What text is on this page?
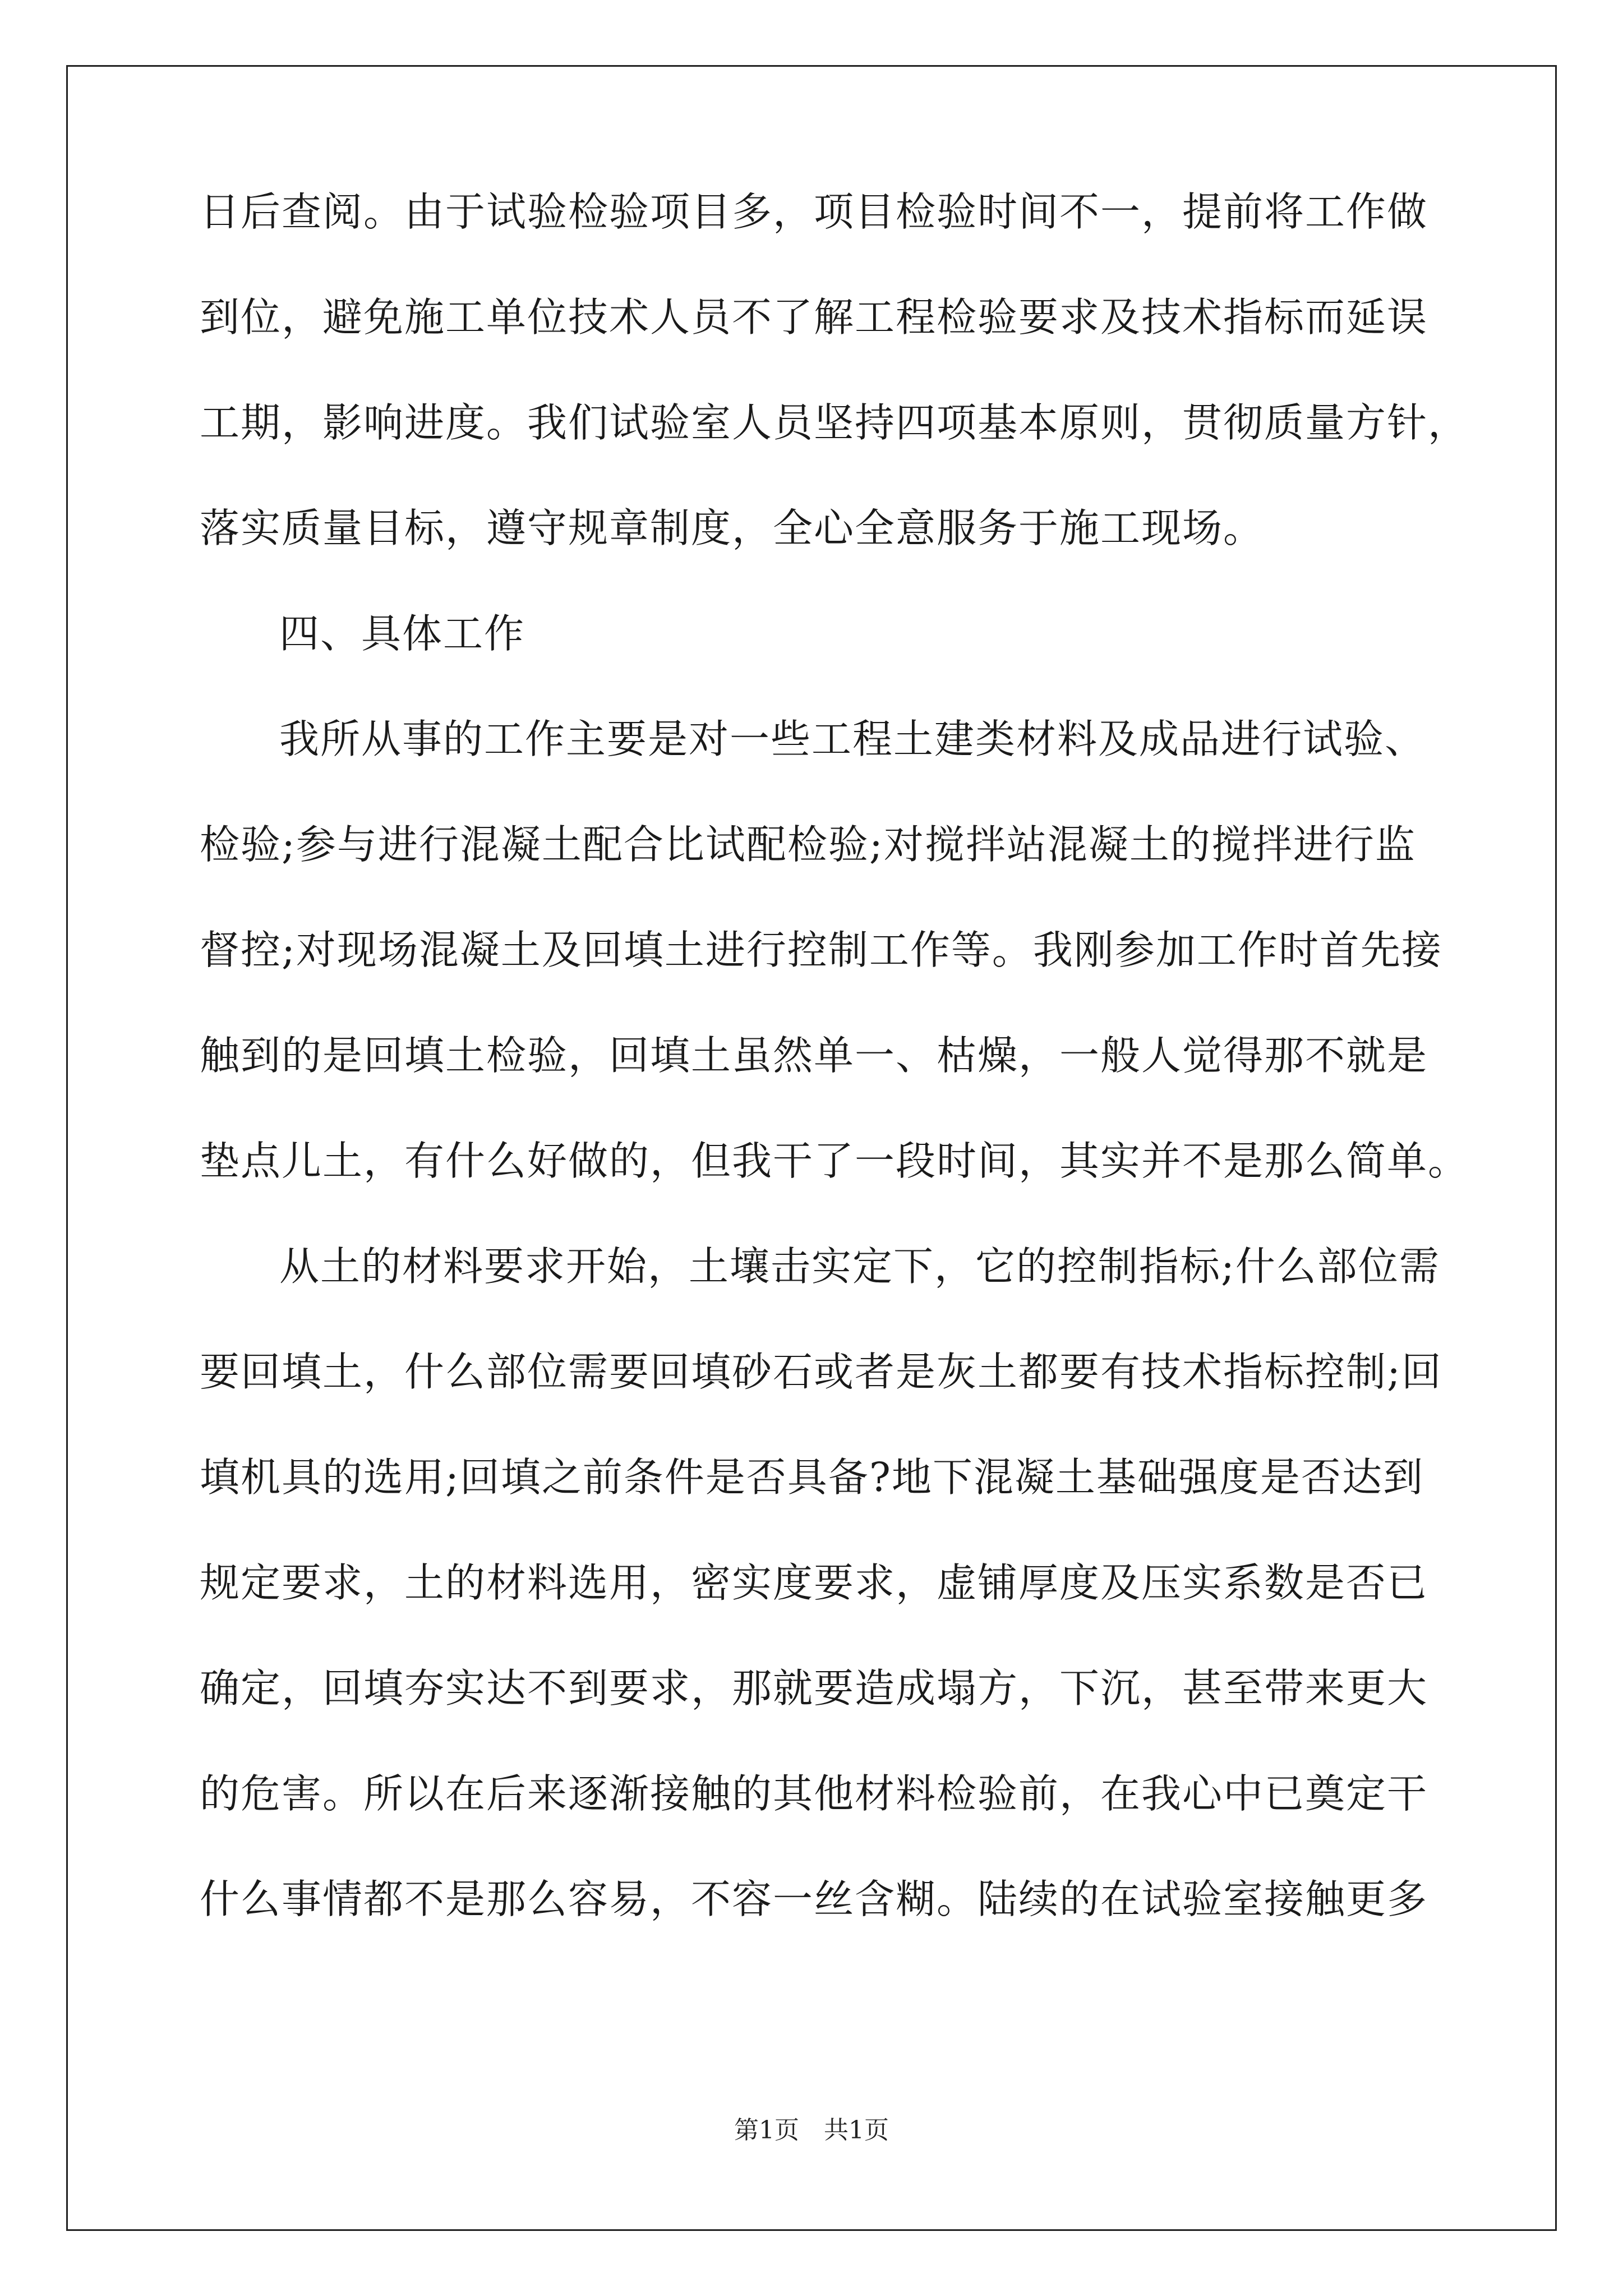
日后查阅。由于试验检验项目多，项目检验时间不一，提前将工作做
到位，避免施工单位技术人员不了解工程检验要求及技术指标而延误
工期，影响进度。我们试验室人员坚持四项基本原则，贯彻质量方针，
落实质量目标，遵守规章制度，全心全意服务于施工现场。
四、具体工作
我所从事的工作主要是对一些工程土建类材料及成品进行试验、
检验;参与进行混凝土配合比试配检验;对搅拌站混凝土的搅拌进行监
督控;对现场混凝土及回填土进行控制工作等。我刚参加工作时首先接
触到的是回填土检验，回填土虽然单一、枯燥，一般人觉得那不就是
垫点儿土，有什么好做的，但我干了一段时间，其实并不是那么简单。
从土的材料要求开始，土壤击实定下，它的控制指标;什么部位需
要回填土，什么部位需要回填砂石或者是灰土都要有技术指标控制;回
填机具的选用;回填之前条件是否具备?地下混凝土基础强度是否达到
规定要求，土的材料选用，密实度要求，虚铺厚度及压实系数是否已
确定，回填夯实达不到要求，那就要造成塌方，下沉，甚至带来更大
的危害。所以在后来逐渐接触的其他材料检验前，在我心中已奠定干
什么事情都不是那么容易，不容一丝含糊。陆续的在试验室接触更多
第1页　共1页
